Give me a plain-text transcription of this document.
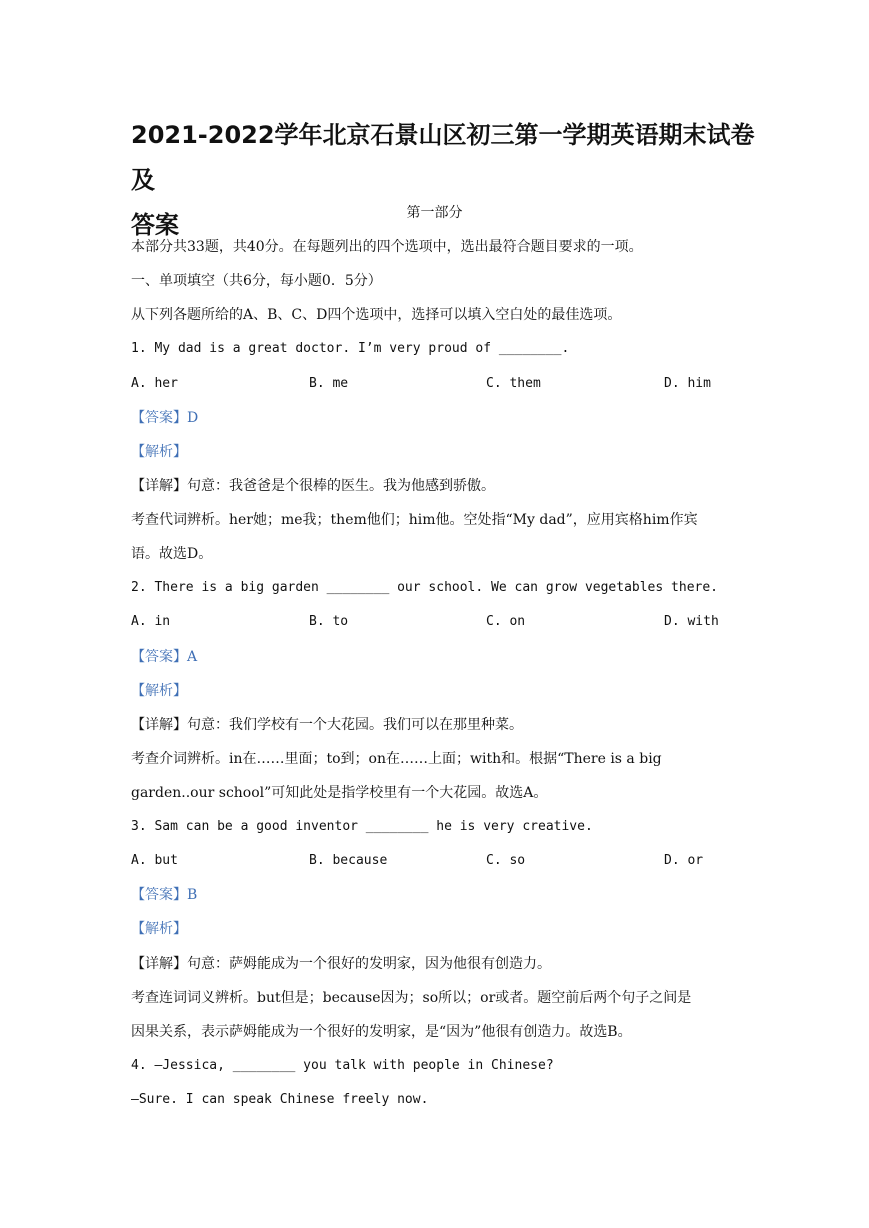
2021-2022学年北京石景山区初三第一学期英语期末试卷及
答案	第一部分
本部分共33题，共40分。在每题列出的四个选项中，选出最符合题目要求的一项。
一、单项填空（共6分，每小题0．5分）
从下列各题所给的A、B、C、D四个选项中，选择可以填入空白处的最佳选项。
1. My dad is a great doctor. I’m very proud of ________.
A. her	B. me	C. them	D. him
【答案】D
【解析】
【详解】句意：我爸爸是个很棒的医生。我为他感到骄傲。
考查代词辨析。her她；me我；them他们；him他。空处指“My dad”，应用宾格him作宾
语。故选D。
2. There is a big garden ________ our school. We can grow vegetables there.
A. in	B. to	C. on	D. with
【答案】A
【解析】
【详解】句意：我们学校有一个大花园。我们可以在那里种菜。
考查介词辨析。in在……里面；to到；on在……上面；with和。根据“There is a big
garden..our school”可知此处是指学校里有一个大花园。故选A。
3. Sam can be a good inventor ________ he is very creative.
A. but	B. because	C. so	D. or
【答案】B
【解析】
【详解】句意：萨姆能成为一个很好的发明家，因为他很有创造力。
考查连词词义辨析。but但是；because因为；so所以；or或者。题空前后两个句子之间是
因果关系，表示萨姆能成为一个很好的发明家，是“因为”他很有创造力。故选B。
4. —Jessica, ________ you talk with people in Chinese?
—Sure. I can speak Chinese freely now.
